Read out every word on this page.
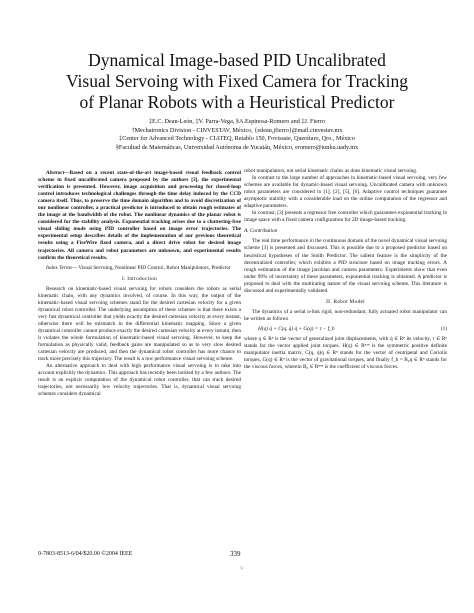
Dynamical Image-based PID Uncalibrated
Visual Servoing with Fixed Camera for Tracking
of Planar Robots with a Heuristical Predictor
‡E.C. Dean-León, ‡V. Parra-Vega, §A.Espinosa-Romero and ‡J. Fierro
†Mechatronics Division - CINVESTAV, México, {edean,jfierro}@mail.cinvestav.mx
‡Center for Advanced Technology - CIATEQ, Retablo 150, Fovissste, Querétaro, Qro., México
§Facultad de Matemáticas, Universidad Autónoma de Yucatán, México, eromero@tunku.uady.mx

Abstract—Based on a recent state-of-the-art image-based visual feedback control scheme in fixed uncalibrated camera proposed by the authors [3], the experimental verification is presented. However, image acquisition and processing for closed-loop control introduces technological challenges through the time delay induced by the CCD camera itself. Thus, to preserve the time domain algorithm and to avoid discretization of our nonlinear controller, a practical predictor is introduced to obtain rough estimates of the image at the bandwidth of the robot. The nonlinear dynamics of the planar robot is considered for the stability analysis. Exponential tracking arises due to a chattering-free visual sliding mode using PID controller based on image error trajectories. The experimental setup describes details of the implementation of our previous theoretical results using a FireWire fixed camera, and a direct drive robot for desired image trajectories. All camera and robot parameters are unknown, and experimental results confirm the theoretical results.

Index Terms— Visual Servoing, Nonlinear PID Control, Robot Manipulators, Predictor

I. Introduction

Research on kinematic-based visual servoing for robots considers the robots as serial kinematic chain, with any dynamics involved, of course. In this way, the output of the kinematic-based visual servoing schemes stand for the desired cartesian velocity for a given dynamical robot controller. The underlying assumption of these schemes is that there exists a very fast dynamical controller that yields exactly the desired cartesian velocity at every instant, otherwise there will be mismatch in the differential kinematic mapping. Since a given dynamical controller cannot produce exactly the desired cartesian velocity at every instant, then it violates the whole formulation of kinematic-based visual servoing. However, to keep the formulation as physically valid, feedback gains are manipulated so as to very slow desired cartesian velocity are produced, and then the dynamical robot controller has more chance to track more precisely this trajectory. The result is a low performance visual servoing scheme.

An alternative approach to deal with high performance visual servoing is to take into account explicitly the dynamics. This approach has recently been tackled by a few authors. The result is an explicit computation of the dynamical robot controller, that can track desired trajectories, not necessarily low velocity trajectories. That is, dynamical visual servoing schemes considers dynamical

robot manipulators, not serial kinematic chains as does kinematic visual servoing.

In contrast to the large number of approaches in kinematic-based visual servoing, very few schemes are available for dynamic-based visual servoing. Uncalibrated camera with unknown robot parameters are considered in [1], [2], [5], [6]. Adaptive control techniques guarantee asymptotic stability with a considerable load on the online computation of the regressor and adaptive parameters.

In contrast, [3] presents a regressor free controller which guarantees exponential tracking in image space with a fixed camera configuration for 2D image-based tracking.

A. Contribution

The real time performance in the continuous domain of the novel dynamical visual servoing scheme [3] is presented and discussed. This is possible due to a proposed predictor based on heuristical hypotheses of the Smith Predictor. The salient feature is the simplicity of the decentralized controller, which exhibits a PID structure based on image tracking errors. A rough estimation of the image jacobian and camera parameters. Experiments show that even under 99% of uncertainty of these parameters, exponential tracking is obtained. A predictor is proposed to deal with the multirating nature of the visual servoing scheme. This literature is discussed and experimentally validated.

II. Robot Model

The dynamics of a serial n-link rigid, non-redundant, fully actuated robot manipulator can be written as follows

H(q) q̈ + C(q, q̇) q̇ + G(q) = τ − f_b	(1)

where q ∈ Rⁿ is the vector of generalized joint displacements, with q̇ ∈ Rⁿ its velocity, τ ∈ Rⁿ stands for the vector applied joint torques. H(q) ∈ Rⁿˣⁿ is the symmetric positive definite manipulator inertia matrix, C(q, q̇)q̇ ∈ Rⁿ stands for the vector of centripetal and Coriolis torques, G(q) ∈ Rⁿ is the vector of gravitational torques, and finally f_b = B₀q̇ ∈ Rⁿ stands for the viscous forces, wherein B₀ ∈ Rⁿˣⁿ is the coefficient of viscous forces.

0-7803-8513-6/04/$20.00 ©2004 IEEE	339
˅
